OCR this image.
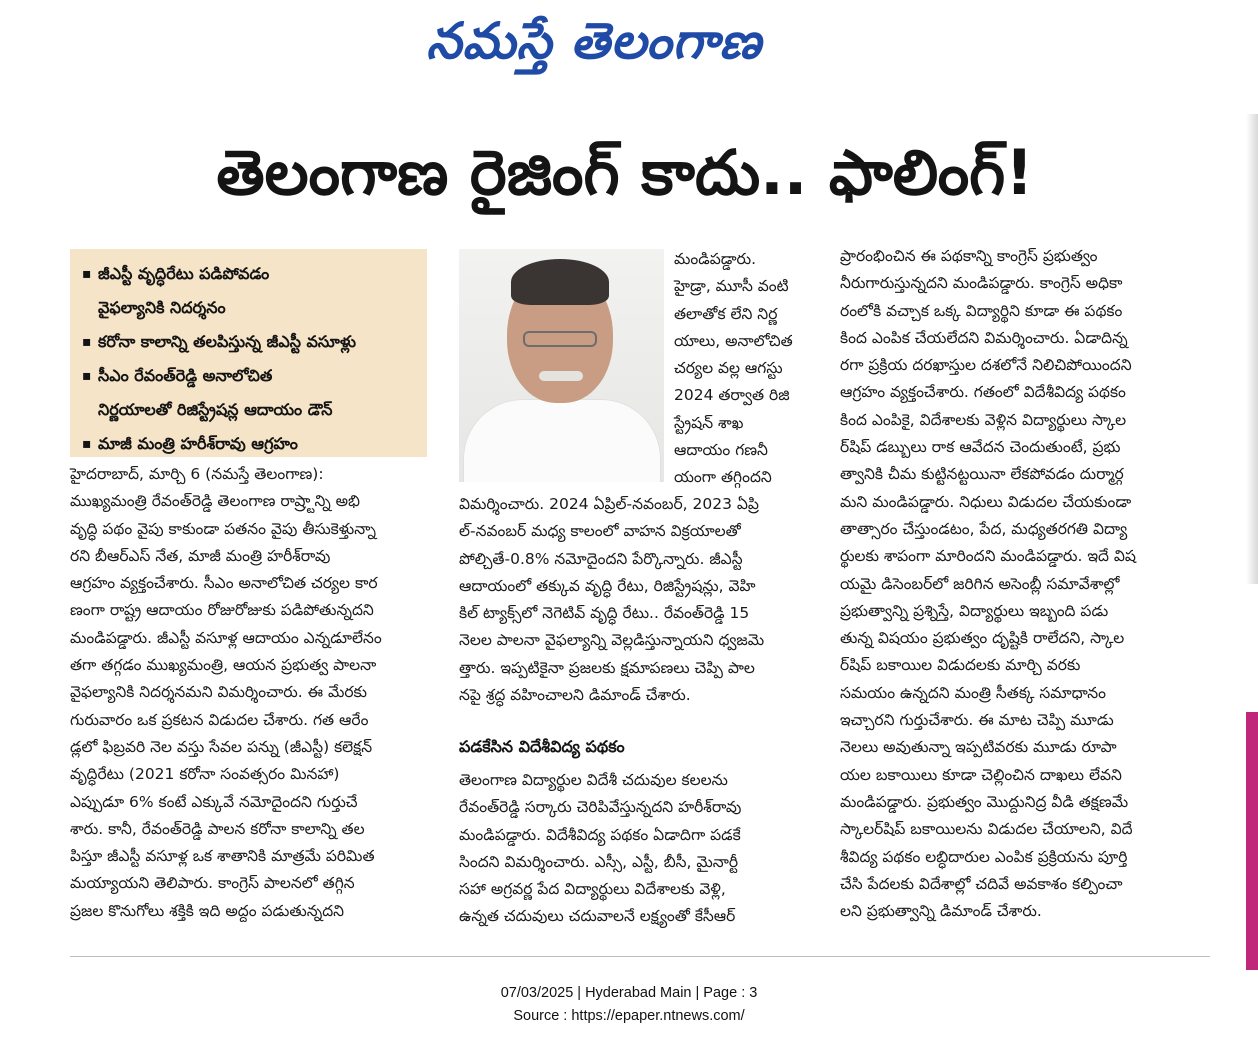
నమస్తే తెలంగాణ
తెలంగాణ రైజింగ్ కాదు.. ఫాలింగ్!
▪ జీఎస్టీ వృద్ధిరేటు పడిపోవడం
వైఫల్యానికి నిదర్శనం
▪ కరోనా కాలాన్ని తలపిస్తున్న జీఎస్టీ వసూళ్లు
▪ సీఎం రేవంత్‌రెడ్డి అనాలోచిత
నిర్ణయాలతో రిజిస్ట్రేషన్ల ఆదాయం డౌన్
▪ మాజీ మంత్రి హరీశ్‌రావు ఆగ్రహం
హైదరాబాద్, మార్చి 6 (నమస్తే తెలంగాణ):
ముఖ్యమంత్రి రేవంత్‌రెడ్డి తెలంగాణ రాష్ర్టాన్ని అభి
వృద్ధి పథం వైపు కాకుండా పతనం వైపు తీసుకెళ్తున్నా
రని బీఆర్‌ఎస్ నేత, మాజీ మంత్రి హరీశ్‌రావు
ఆగ్రహం వ్యక్తంచేశారు. సీఎం అనాలోచిత చర్యల కార
ణంగా రాష్ట్ర ఆదాయం రోజురోజుకు పడిపోతున్నదని
మండిపడ్డారు. జీఎస్టీ వసూళ్ల ఆదాయం ఎన్నడూలేనం
తగా తగ్గడం ముఖ్యమంత్రి, ఆయన ప్రభుత్వ పాలనా
వైఫల్యానికి నిదర్శనమని విమర్శించారు. ఈ మేరకు
గురువారం ఒక ప్రకటన విడుదల చేశారు. గత ఆరేం
డ్లలో ఫిబ్రవరి నెల వస్తు సేవల పన్ను (జీఎస్టీ) కలెక్షన్
వృద్ధిరేటు (2021 కరోనా సంవత్సరం మినహా)
ఎప్పుడూ 6% కంటే ఎక్కువే నమోదైందని గుర్తుచే
శారు. కానీ, రేవంత్‌రెడ్డి పాలన కరోనా కాలాన్ని తల
పిస్తూ జీఎస్టీ వసూళ్ల ఒక శాతానికి మాత్రమే పరిమిత
మయ్యాయని తెలిపారు. కాంగ్రెస్ పాలనలో తగ్గిన
ప్రజల కొనుగోలు శక్తికి ఇది అద్దం పడుతున్నదని
మండిపడ్డారు.
హైడ్రా, మూసీ వంటి
తలాతోక లేని నిర్ణ
యాలు, అనాలోచిత
చర్యల వల్ల ఆగస్టు
2024 తర్వాత రిజి
స్ట్రేషన్ శాఖ
ఆదాయం గణనీ
యంగా తగ్గిందని
విమర్శించారు. 2024 ఏప్రిల్-నవంబర్, 2023 ఏప్రి
ల్-నవంబర్ మధ్య కాలంలో వాహన విక్రయాలతో
పోల్చితే-0.8% నమోదైందని పేర్కొన్నారు. జీఎస్టీ
ఆదాయంలో తక్కువ వృద్ధి రేటు, రిజిస్ట్రేషన్లు, వెహి
కిల్ ట్యాక్స్‌లో నెగెటివ్ వృద్ధి రేటు.. రేవంత్‌రెడ్డి 15
నెలల పాలనా వైఫల్యాన్ని వెల్లడిస్తున్నాయని ధ్వజమె
త్తారు. ఇప్పటికైనా ప్రజలకు క్షమాపణలు చెప్పి పాల
నపై శ్రద్ధ వహించాలని డిమాండ్ చేశారు.
పడకేసిన విదేశీవిద్య పథకం
తెలంగాణ విద్యార్థుల విదేశీ చదువుల కలలను
రేవంత్‌రెడ్డి సర్కారు చెరిపివేస్తున్నదని హరీశ్‌రావు
మండిపడ్డారు. విదేశీవిద్య పథకం ఏడాదిగా పడకే
సిందని విమర్శించారు. ఎస్సీ, ఎస్టీ, బీసీ, మైనార్టీ
సహా అగ్రవర్ణ పేద విద్యార్థులు విదేశాలకు వెళ్లి,
ఉన్నత చదువులు చదువాలనే లక్ష్యంతో కేసీఆర్
ప్రారంభించిన ఈ పథకాన్ని కాంగ్రెస్ ప్రభుత్వం
నీరుగారుస్తున్నదని మండిపడ్డారు. కాంగ్రెస్ అధికా
రంలోకి వచ్చాక ఒక్క విద్యార్థిని కూడా ఈ పథకం
కింద ఎంపిక చేయలేదని విమర్శించారు. ఏడాదిన్న
రగా ప్రక్రియ దరఖాస్తుల దశలోనే నిలిచిపోయిందని
ఆగ్రహం వ్యక్తంచేశారు. గతంలో విదేశీవిద్య పథకం
కింద ఎంపికై, విదేశాలకు వెళ్లిన విద్యార్థులు స్కాల
ర్‌షిప్ డబ్బులు రాక ఆవేదన చెందుతుంటే, ప్రభు
త్వానికి చీమ కుట్టినట్టయినా లేకపోవడం దుర్మార్గ
మని మండిపడ్డారు. నిధులు విడుదల చేయకుండా
తాత్సారం చేస్తుండటం, పేద, మధ్యతరగతి విద్యా
ర్థులకు శాపంగా మారిందని మండిపడ్డారు. ఇదే విష
యమై డిసెంబర్‌లో జరిగిన అసెంబ్లీ సమావేశాల్లో
ప్రభుత్వాన్ని ప్రశ్నిస్తే, విద్యార్థులు ఇబ్బంది పడు
తున్న విషయం ప్రభుత్వం దృష్టికి రాలేదని, స్కాల
ర్‌షిప్ బకాయిల విడుదలకు మార్చి వరకు
సమయం ఉన్నదని మంత్రి సీతక్క సమాధానం
ఇచ్చారని గుర్తుచేశారు. ఈ మాట చెప్పి మూడు
నెలలు అవుతున్నా ఇప్పటివరకు మూడు రూపా
యల బకాయిలు కూడా చెల్లించిన దాఖలు లేవని
మండిపడ్డారు. ప్రభుత్వం మొద్దునిద్ర వీడి తక్షణమే
స్కాలర్‌షిప్ బకాయిలను విడుదల చేయాలని, విదే
శీవిద్య పథకం లబ్ధిదారుల ఎంపిక ప్రక్రియను పూర్తి
చేసి పేదలకు విదేశాల్లో చదివే అవకాశం కల్పించా
లని ప్రభుత్వాన్ని డిమాండ్ చేశారు.
07/03/2025 | Hyderabad Main | Page : 3
Source : https://epaper.ntnews.com/
